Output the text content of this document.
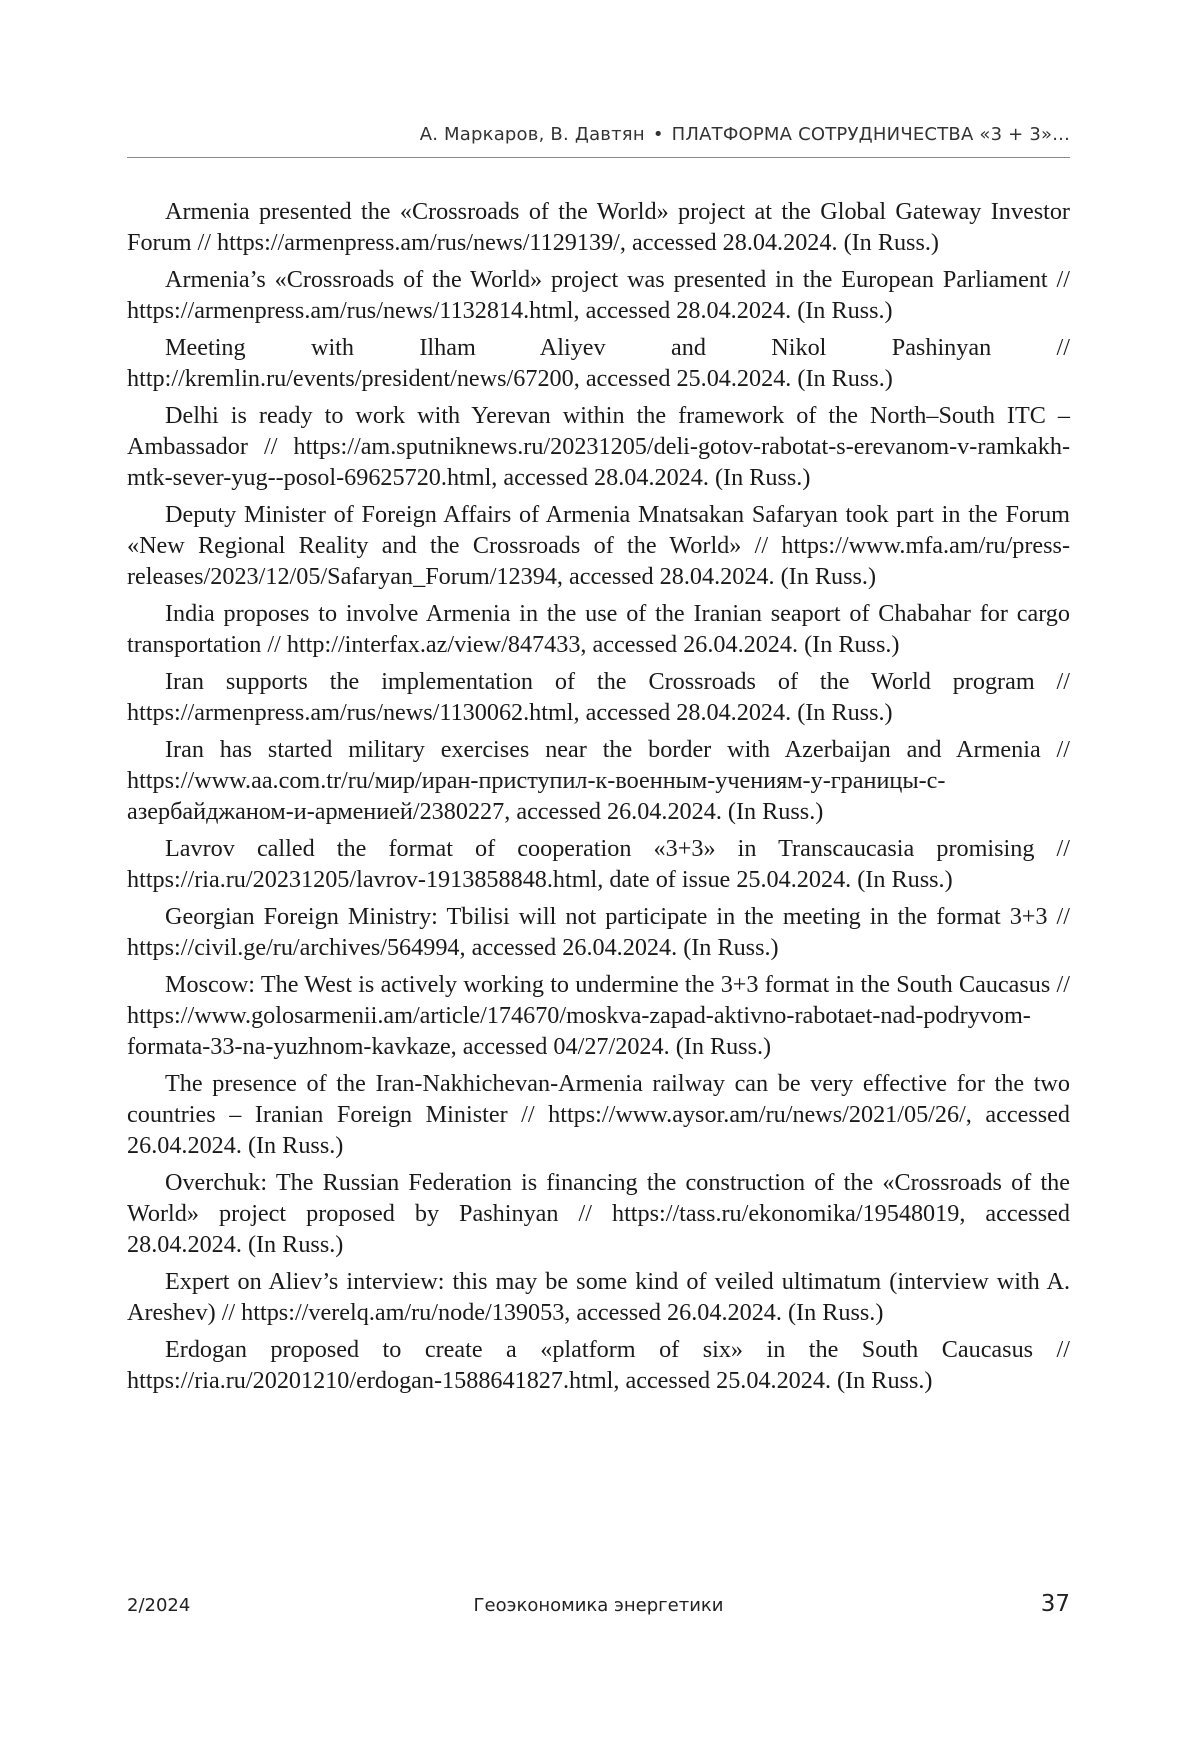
А. Маркаров, В. Давтян • ПЛАТФОРМА СОТРУДНИЧЕСТВА «3 + 3»...

Armenia presented the «Crossroads of the World» project at the Global Gateway Investor Forum // https://armenpress.am/rus/news/1129139/, accessed 28.04.2024. (In Russ.)

Armenia’s «Crossroads of the World» project was presented in the European Parliament // https://armenpress.am/rus/news/1132814.html, accessed 28.04.2024. (In Russ.)

Meeting with Ilham Aliyev and Nikol Pashinyan // http://kremlin.ru/events/president/news/67200, accessed 25.04.2024. (In Russ.)

Delhi is ready to work with Yerevan within the framework of the North–South ITC – Ambassador // https://am.sputniknews.ru/20231205/deli-gotov-rabotat-s-erevanom-v-ramkakh-mtk-sever-yug--posol-69625720.html, accessed 28.04.2024. (In Russ.)

Deputy Minister of Foreign Affairs of Armenia Mnatsakan Safaryan took part in the Forum «New Regional Reality and the Crossroads of the World» // https://www.mfa.am/ru/press-releases/2023/12/05/Safaryan_Forum/12394, accessed 28.04.2024. (In Russ.)

India proposes to involve Armenia in the use of the Iranian seaport of Chabahar for cargo transportation // http://interfax.az/view/847433, accessed 26.04.2024. (In Russ.)

Iran supports the implementation of the Crossroads of the World program // https://armenpress.am/rus/news/1130062.html, accessed 28.04.2024. (In Russ.)

Iran has started military exercises near the border with Azerbaijan and Armenia // https://www.aa.com.tr/ru/мир/иран-приступил-к-военным-учениям-у-границы-с-азербайджаном-и-арменией/2380227, accessed 26.04.2024. (In Russ.)

Lavrov called the format of cooperation «3+3» in Transcaucasia promising // https://ria.ru/20231205/lavrov-1913858848.html, date of issue 25.04.2024. (In Russ.)

Georgian Foreign Ministry: Tbilisi will not participate in the meeting in the format 3+3 // https://civil.ge/ru/archives/564994, accessed 26.04.2024. (In Russ.)

Moscow: The West is actively working to undermine the 3+3 format in the South Caucasus // https://www.golosarmenii.am/article/174670/moskva-zapad-aktivno-rabotaet-nad-podryvom-formata-33-na-yuzhnom-kavkaze, accessed 04/27/2024. (In Russ.)

The presence of the Iran-Nakhichevan-Armenia railway can be very effective for the two countries – Iranian Foreign Minister // https://www.aysor.am/ru/news/2021/05/26/, accessed 26.04.2024. (In Russ.)

Overchuk: The Russian Federation is financing the construction of the «Crossroads of the World» project proposed by Pashinyan // https://tass.ru/ekonomika/19548019, accessed 28.04.2024. (In Russ.)

Expert on Aliev’s interview: this may be some kind of veiled ultimatum (interview with A. Areshev) // https://verelq.am/ru/node/139053, accessed 26.04.2024. (In Russ.)

Erdogan proposed to create a «platform of six» in the South Caucasus // https://ria.ru/20201210/erdogan-1588641827.html, accessed 25.04.2024. (In Russ.)

2/2024	Геоэкономика энергетики	37
